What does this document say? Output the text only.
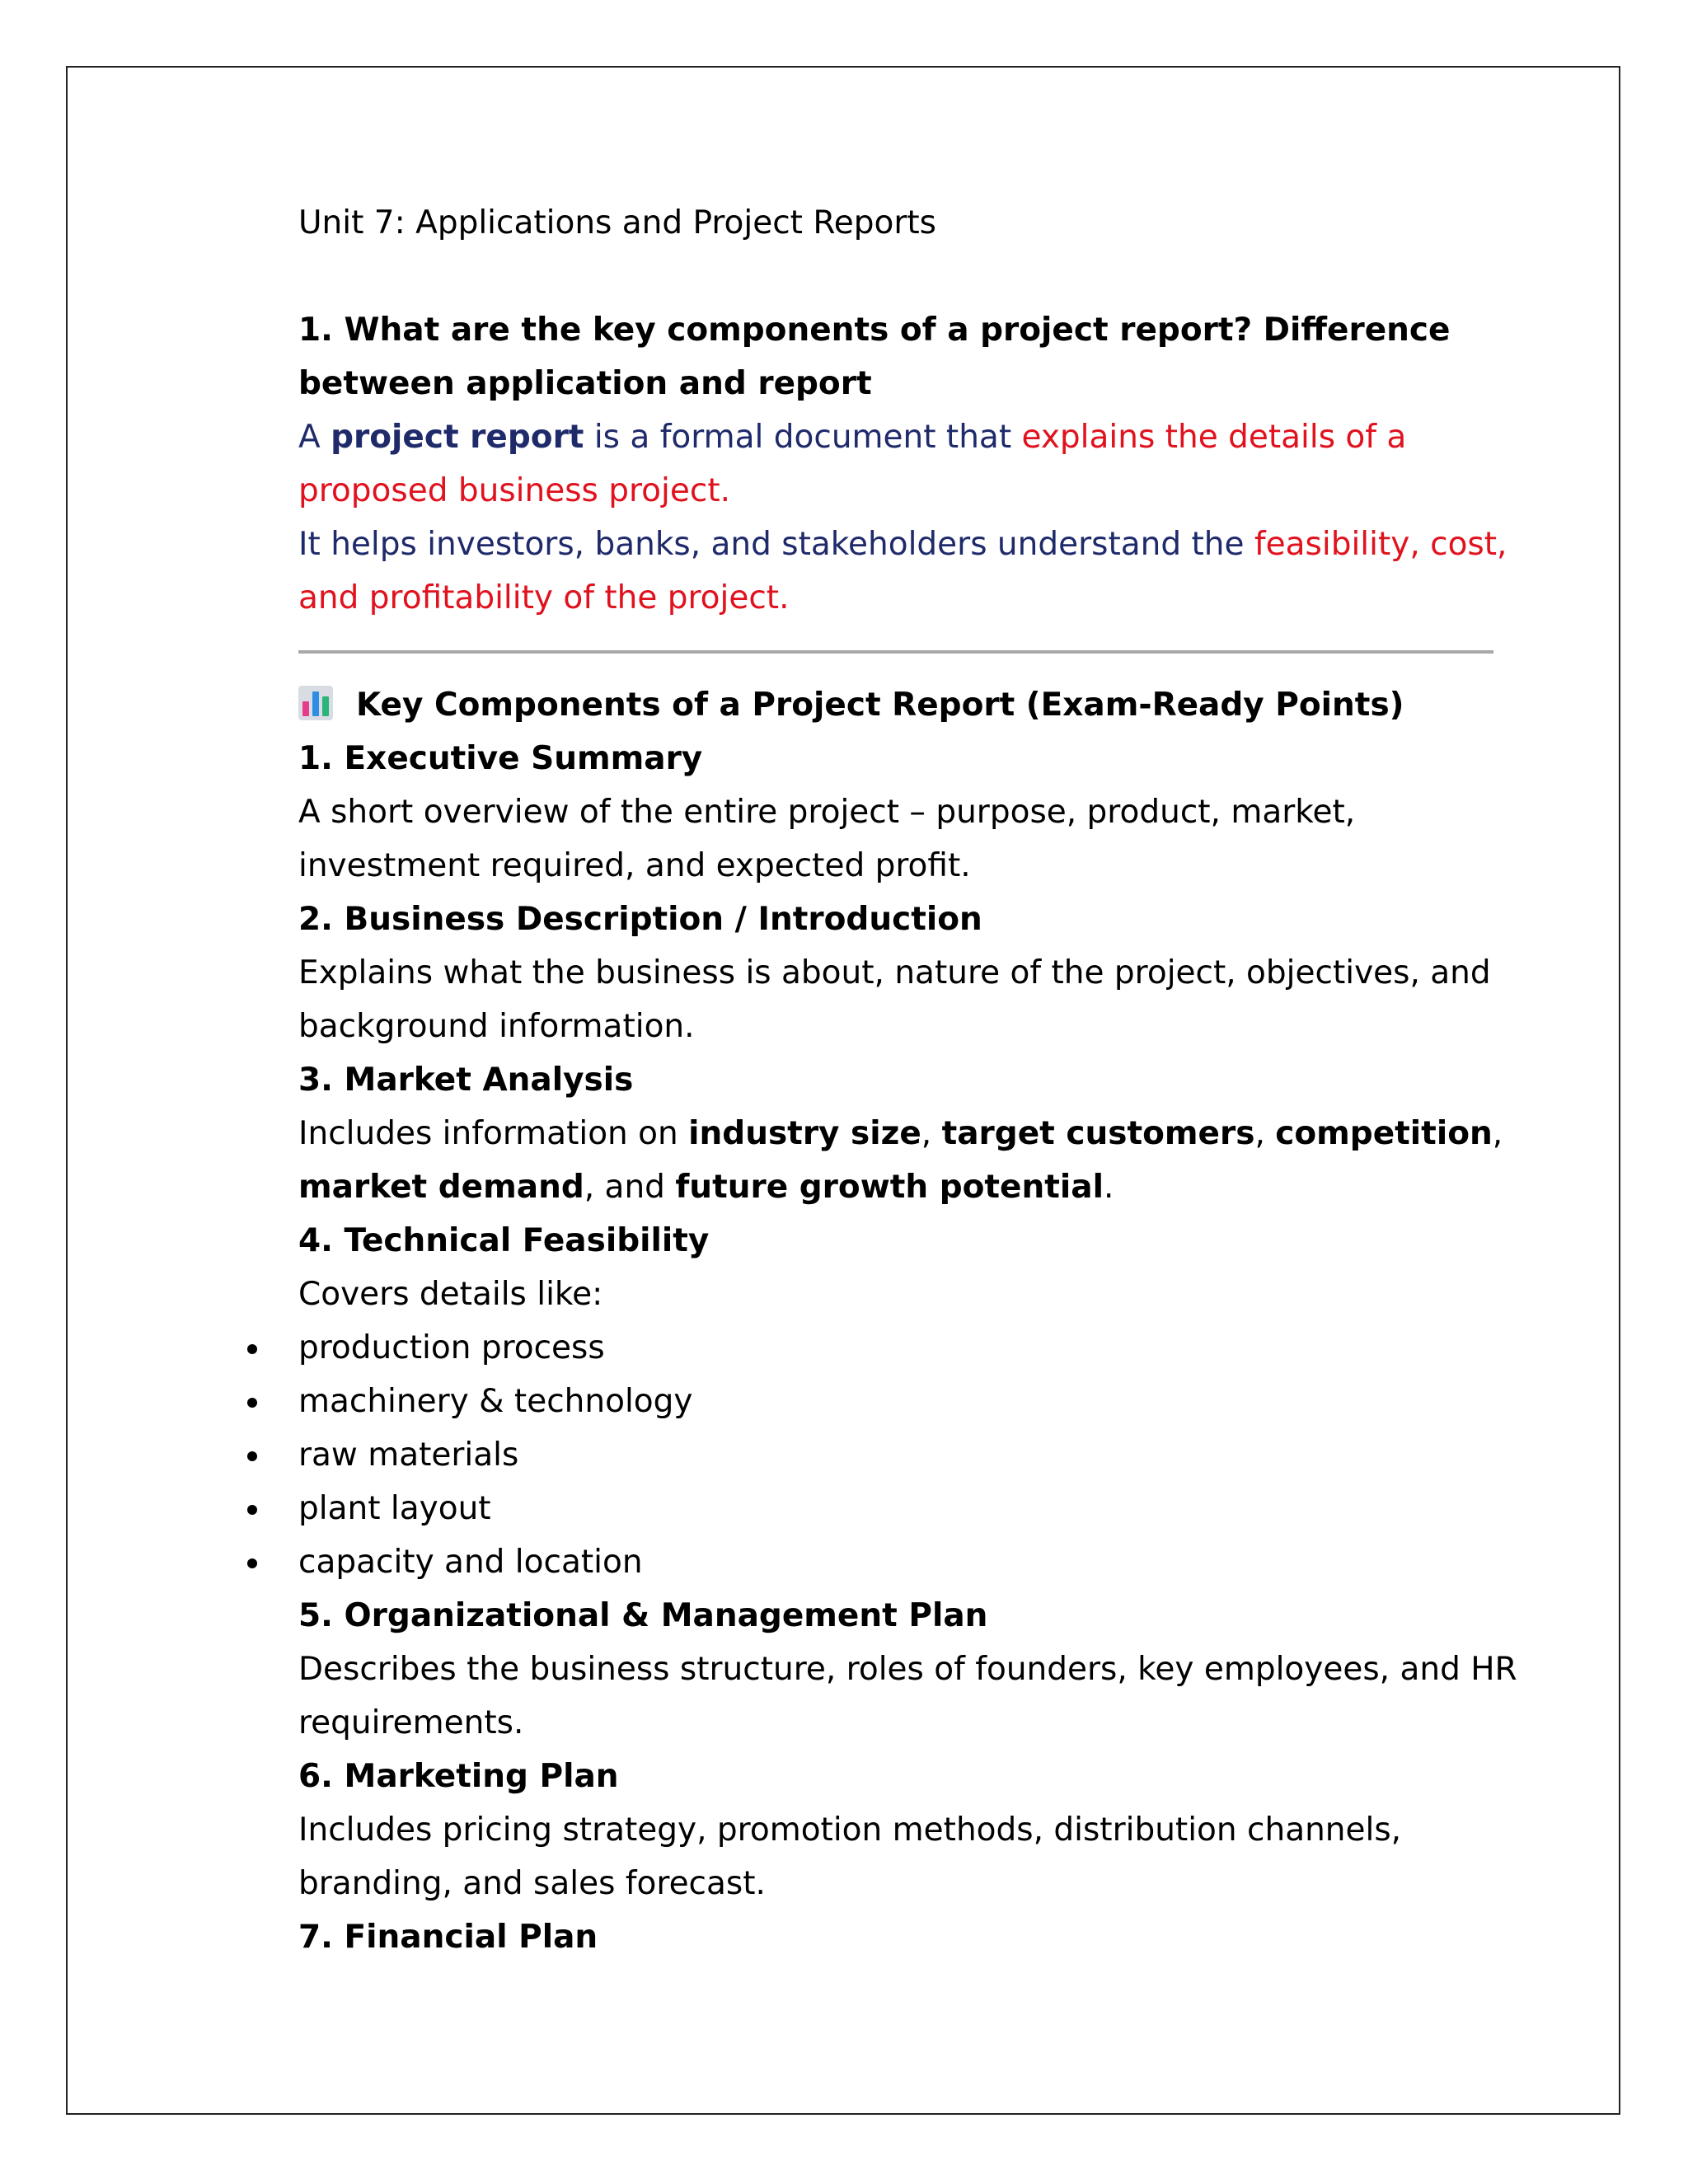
Unit 7: Applications and Project Reports
1. What are the key components of a project report? Difference
between application and report
A project report is a formal document that explains the details of a
proposed business project.
It helps investors, banks, and stakeholders understand the feasibility, cost,
and profitability of the project.
Key Components of a Project Report (Exam-Ready Points)
1. Executive Summary
A short overview of the entire project – purpose, product, market,
investment required, and expected profit.
2. Business Description / Introduction
Explains what the business is about, nature of the project, objectives, and
background information.
3. Market Analysis
Includes information on industry size, target customers, competition,
market demand, and future growth potential.
4. Technical Feasibility
Covers details like:
production process
machinery & technology
raw materials
plant layout
capacity and location
5. Organizational & Management Plan
Describes the business structure, roles of founders, key employees, and HR
requirements.
6. Marketing Plan
Includes pricing strategy, promotion methods, distribution channels,
branding, and sales forecast.
7. Financial Plan
